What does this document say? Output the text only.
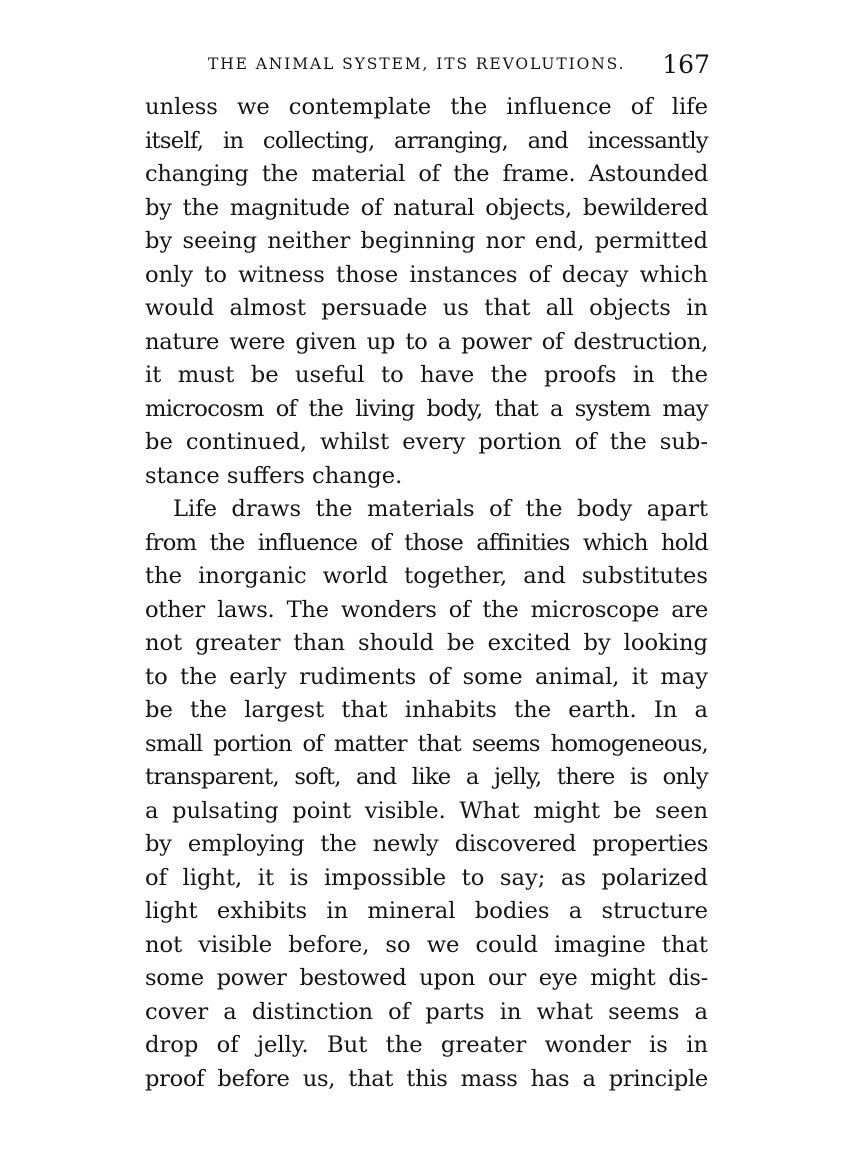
THE ANIMAL SYSTEM, ITS REVOLUTIONS. 167
unless we contemplate the influence of life
itself, in collecting, arranging, and incessantly
changing the material of the frame. Astounded
by the magnitude of natural objects, bewildered
by seeing neither beginning nor end, permitted
only to witness those instances of decay which
would almost persuade us that all objects in
nature were given up to a power of destruction,
it must be useful to have the proofs in the
microcosm of the living body, that a system may
be continued, whilst every portion of the sub-
stance suffers change.
Life draws the materials of the body apart
from the influence of those affinities which hold
the inorganic world together, and substitutes
other laws. The wonders of the microscope are
not greater than should be excited by looking
to the early rudiments of some animal, it may
be the largest that inhabits the earth. In a
small portion of matter that seems homogeneous,
transparent, soft, and like a jelly, there is only
a pulsating point visible. What might be seen
by employing the newly discovered properties
of light, it is impossible to say; as polarized
light exhibits in mineral bodies a structure
not visible before, so we could imagine that
some power bestowed upon our eye might dis-
cover a distinction of parts in what seems a
drop of jelly. But the greater wonder is in
proof before us, that this mass has a principle
